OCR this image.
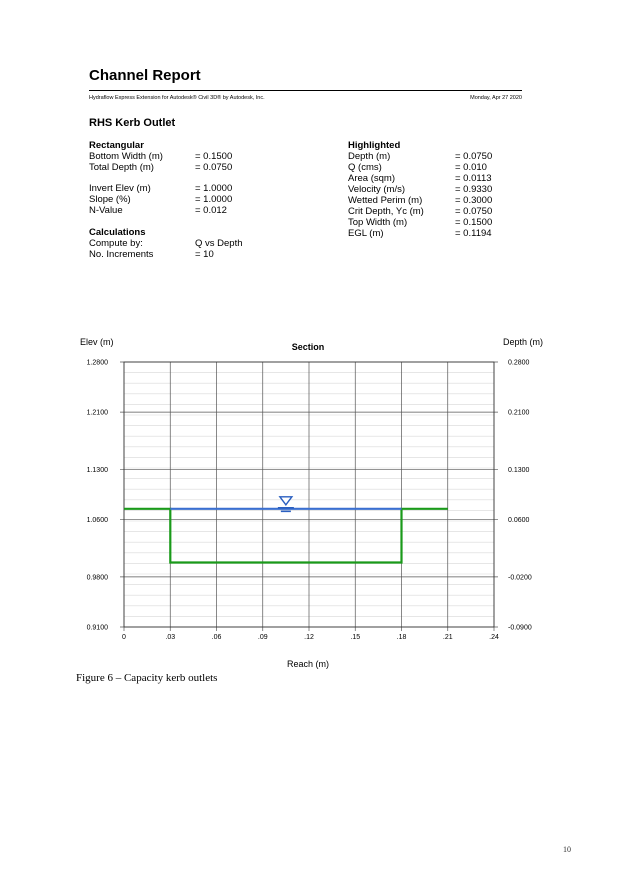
Channel Report
Hydraflow Express Extension for Autodesk® Civil 3D® by Autodesk, Inc.	Monday, Apr 27 2020
RHS Kerb Outlet
Rectangular
Bottom Width (m)	= 0.1500
Total Depth (m)	= 0.0750
Invert Elev (m)	= 1.0000
Slope (%)	= 1.0000
N-Value	= 0.012
Calculations
Compute by:	Q vs Depth
No. Increments	= 10
Highlighted
Depth (m)	= 0.0750
Q (cms)	= 0.010
Area (sqm)	= 0.0113
Velocity (m/s)	= 0.9330
Wetted Perim (m)	= 0.3000
Crit Depth, Yc (m)	= 0.0750
Top Width (m)	= 0.1500
EGL (m)	= 0.1194
1.2800	0.2800
1.2100	0.2100
1.1300	0.1300
1.0600	0.0600
0.9800	-0.0200
0.9100	-0.0900
0	.03	.06	.09	.12	.15	.18	.21	.24
Elev (m)	Depth (m)
Section
Reach (m)
Figure 6 – Capacity kerb outlets
10
